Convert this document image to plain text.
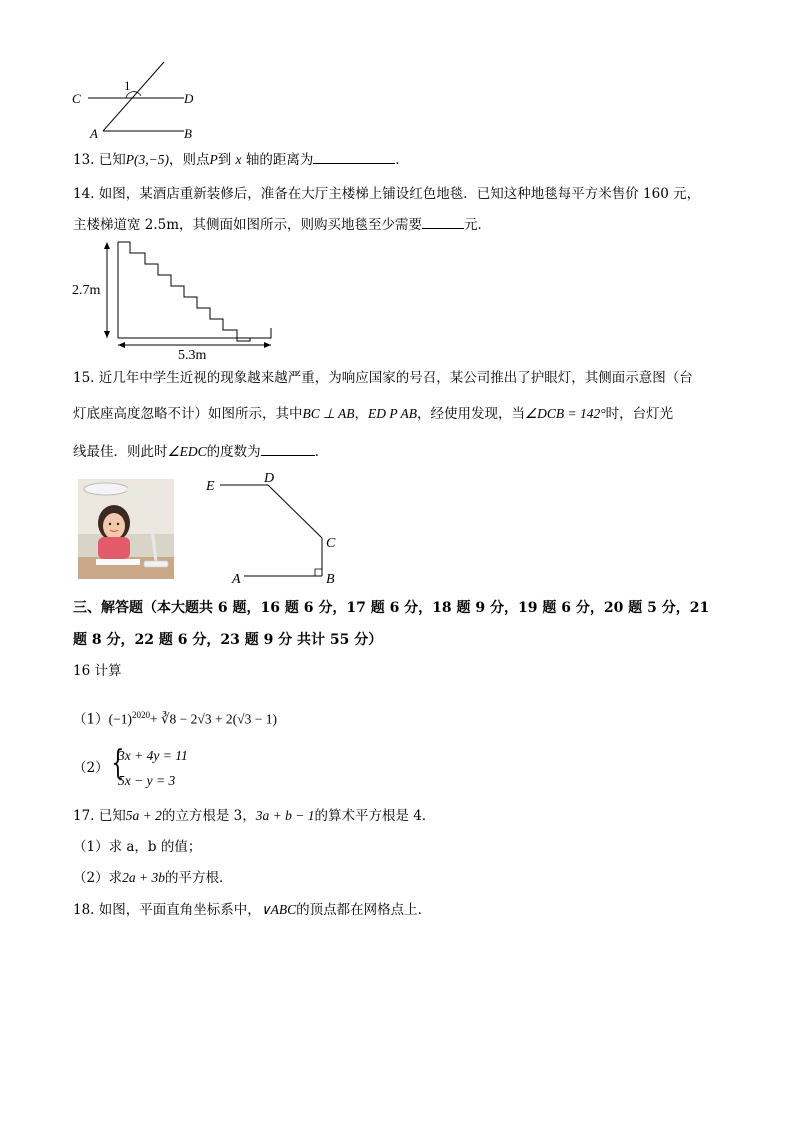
1
C	D
A	B
13. 已知P(3,−5)，则点P到 x 轴的距离为	．
14. 如图，某酒店重新装修后，准备在大厅主楼梯上铺设红色地毯．已知这种地毯每平方米售价 160 元，
主楼梯道宽 2.5m，其侧面如图所示，则购买地毯至少需要	元．
2.7m
5.3m
15. 近几年中学生近视的现象越来越严重，为响应国家的号召，某公司推出了护眼灯，其侧面示意图（台
灯底座高度忽略不计）如图所示，其中BC ⊥ AB，ED P AB，经使用发现，当∠DCB = 142°时，台灯光
线最佳．则此时∠EDC的度数为	．
E
D
C
A	B
三、解答题（本大题共 6 题，16 题 6 分，17 题 6 分，18 题 9 分，19 题 6 分，20 题 5 分，21
题 8 分，22 题 6 分，23 题 9 分 共计 55 分）
16 计算
$(1)(-1)^{2020}+$ ∛8 − 2√3 + 2(√3 − 1)
（2） {
3x + 4y = 11
5x − y = 3
17. 已知5a + 2的立方根是 3，3a + b − 1的算术平方根是 4．
（1）求 a，b 的值；
（2）求2a + 3b的平方根．
18. 如图，平面直角坐标系中，∨ABC的顶点都在网格点上．
